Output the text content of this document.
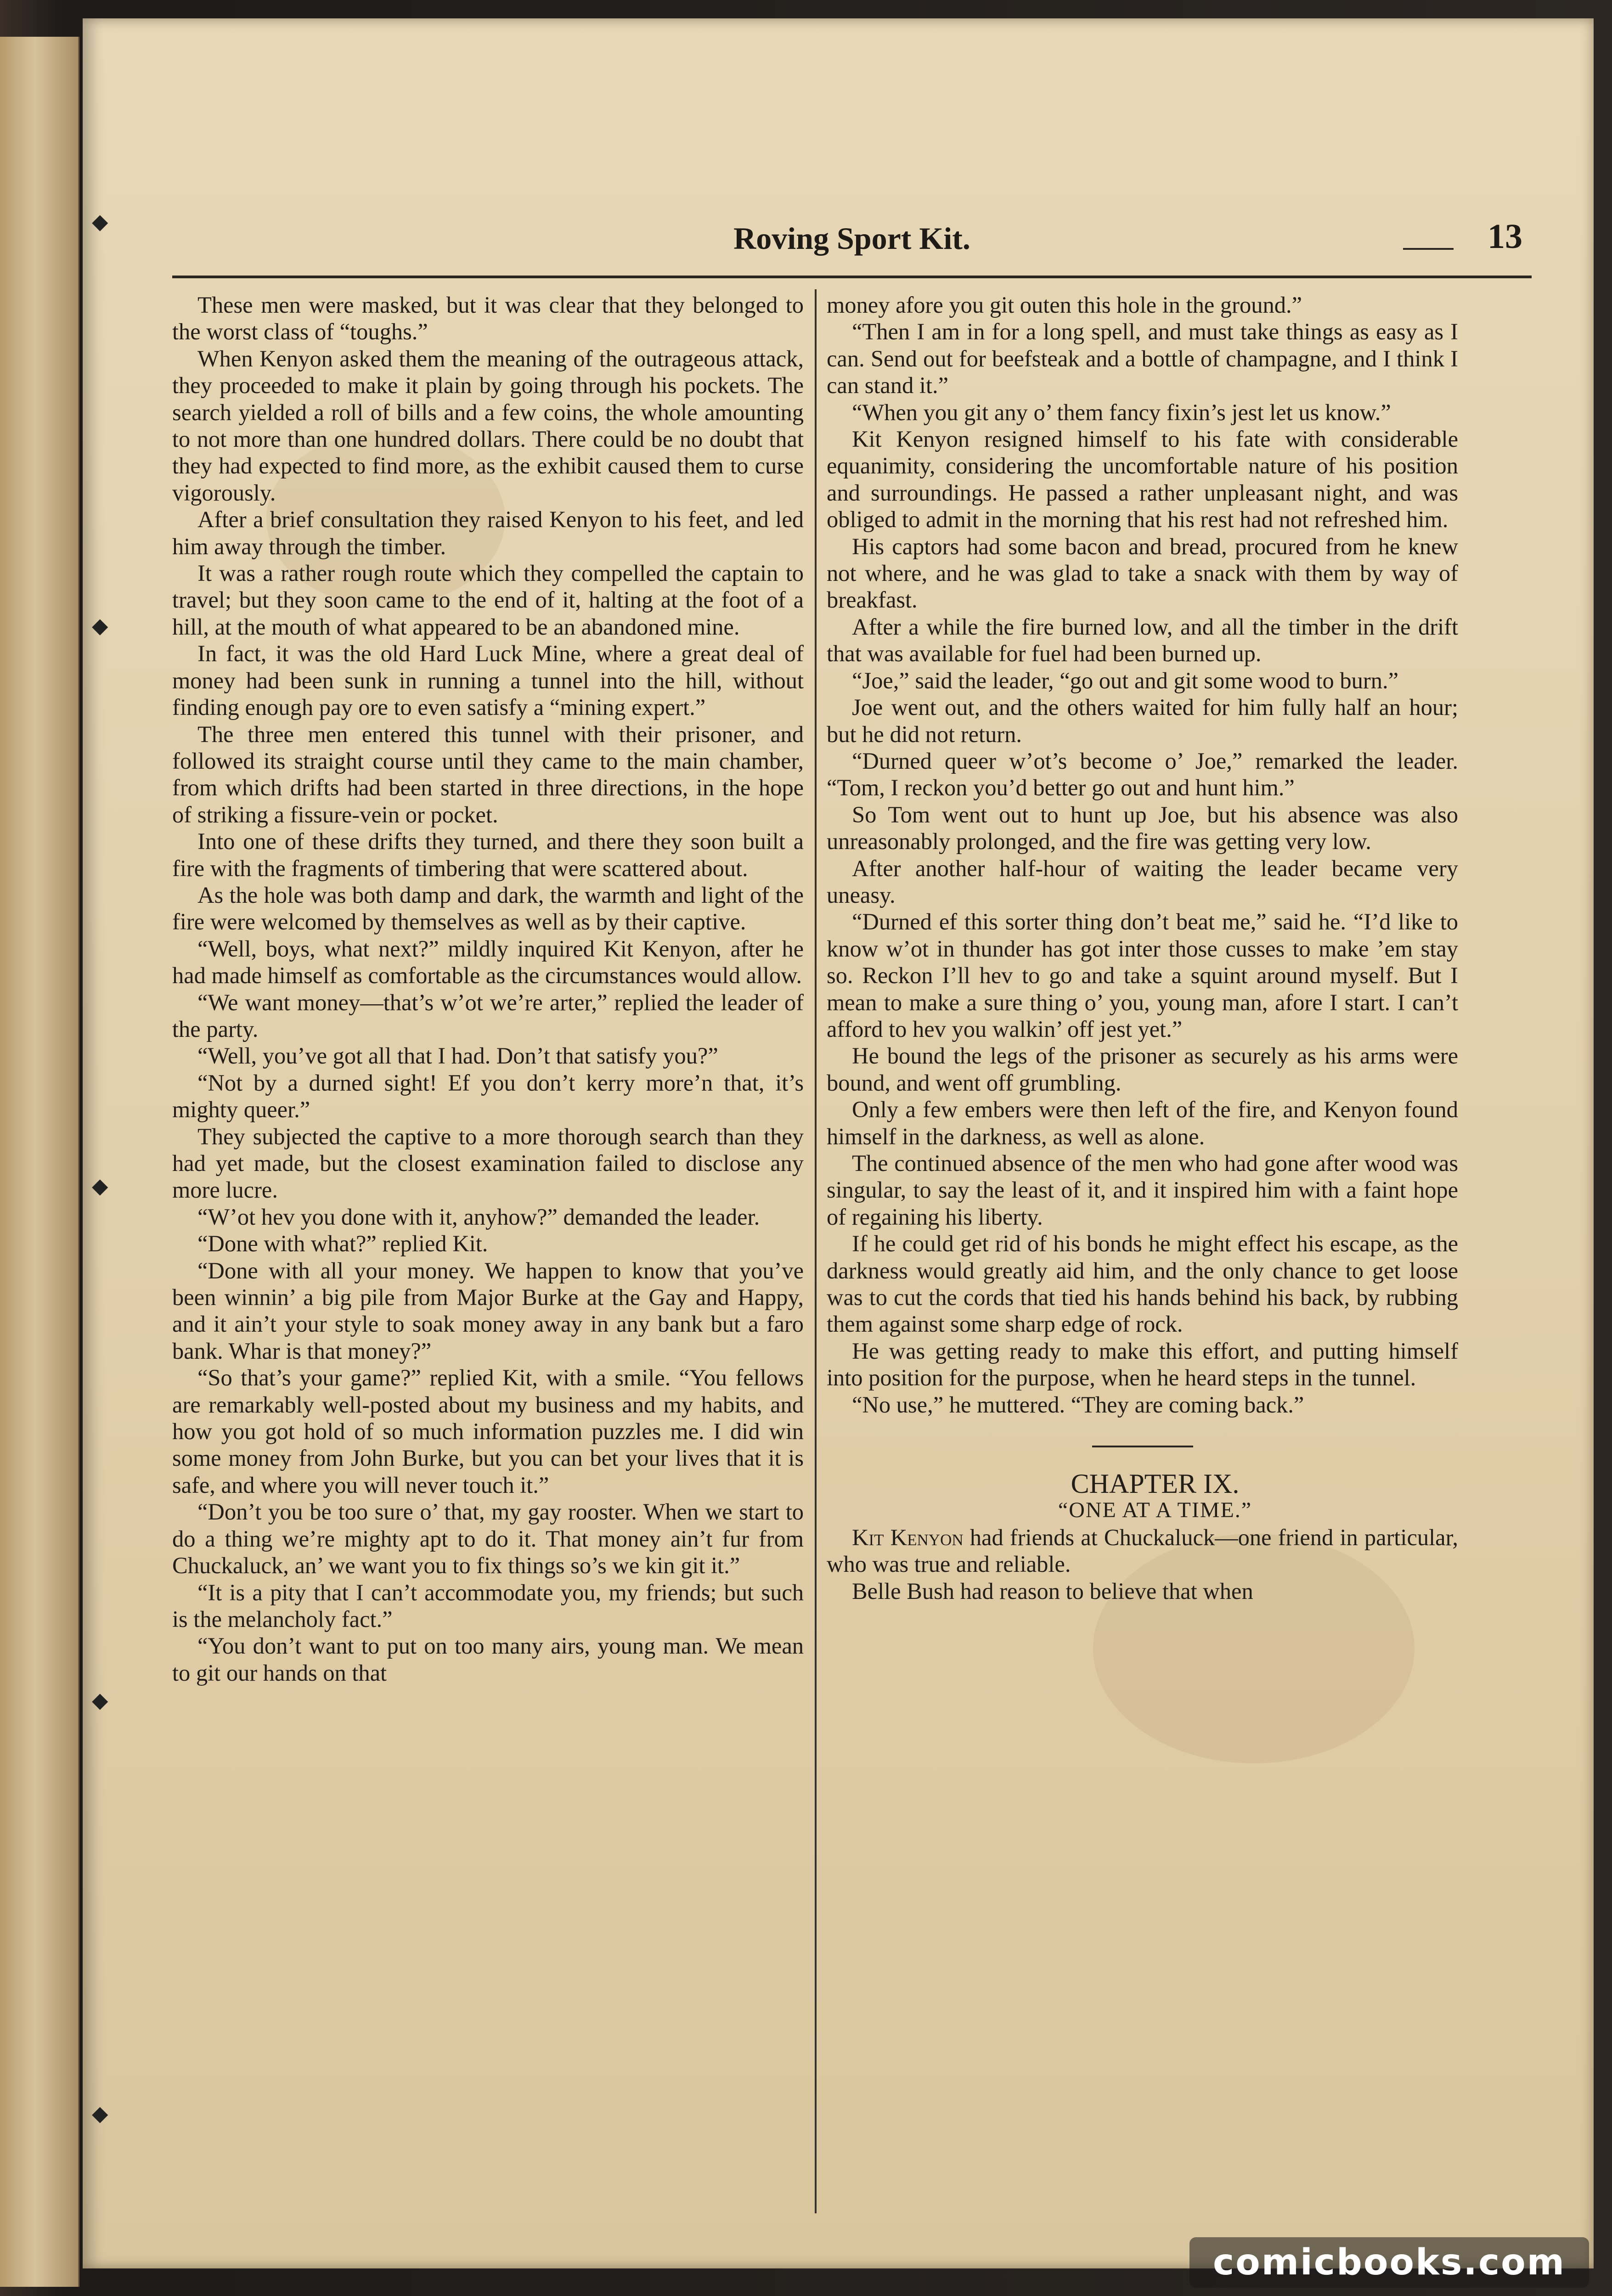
◆
◆
◆
◆
◆
Roving Sport Kit.	13

These men were masked, but it was clear that they belonged to the worst class of “toughs.”

When Kenyon asked them the meaning of the outrageous attack, they proceeded to make it plain by going through his pockets. The search yielded a roll of bills and a few coins, the whole amounting to not more than one hundred dollars. There could be no doubt that they had expected to find more, as the exhibit caused them to curse vigorously.

After a brief consultation they raised Kenyon to his feet, and led him away through the timber.

It was a rather rough route which they compelled the captain to travel; but they soon came to the end of it, halting at the foot of a hill, at the mouth of what appeared to be an abandoned mine.

In fact, it was the old Hard Luck Mine, where a great deal of money had been sunk in running a tunnel into the hill, without finding enough pay ore to even satisfy a “mining expert.”

The three men entered this tunnel with their prisoner, and followed its straight course until they came to the main chamber, from which drifts had been started in three directions, in the hope of striking a fissure-vein or pocket.

Into one of these drifts they turned, and there they soon built a fire with the fragments of timbering that were scattered about.

As the hole was both damp and dark, the warmth and light of the fire were welcomed by themselves as well as by their captive.

“Well, boys, what next?” mildly inquired Kit Kenyon, after he had made himself as comfortable as the circumstances would allow.

“We want money—that’s w’ot we’re arter,” replied the leader of the party.

“Well, you’ve got all that I had. Don’t that satisfy you?”

“Not by a durned sight! Ef you don’t kerry more’n that, it’s mighty queer.”

They subjected the captive to a more thorough search than they had yet made, but the closest examination failed to disclose any more lucre.

“W’ot hev you done with it, anyhow?” demanded the leader.

“Done with what?” replied Kit.

“Done with all your money. We happen to know that you’ve been winnin’ a big pile from Major Burke at the Gay and Happy, and it ain’t your style to soak money away in any bank but a faro bank. Whar is that money?”

“So that’s your game?” replied Kit, with a smile. “You fellows are remarkably well-posted about my business and my habits, and how you got hold of so much information puzzles me. I did win some money from John Burke, but you can bet your lives that it is safe, and where you will never touch it.”

“Don’t you be too sure o’ that, my gay rooster. When we start to do a thing we’re mighty apt to do it. That money ain’t fur from Chuckaluck, an’ we want you to fix things so’s we kin git it.”

“It is a pity that I can’t accommodate you, my friends; but such is the melancholy fact.”

“You don’t want to put on too many airs, young man. We mean to git our hands on that

money afore you git outen this hole in the ground.”

“Then I am in for a long spell, and must take things as easy as I can. Send out for beefsteak and a bottle of champagne, and I think I can stand it.”

“When you git any o’ them fancy fixin’s jest let us know.”

Kit Kenyon resigned himself to his fate with considerable equanimity, considering the uncomfortable nature of his position and surroundings. He passed a rather unpleasant night, and was obliged to admit in the morning that his rest had not refreshed him.

His captors had some bacon and bread, procured from he knew not where, and he was glad to take a snack with them by way of breakfast.

After a while the fire burned low, and all the timber in the drift that was available for fuel had been burned up.

“Joe,” said the leader, “go out and git some wood to burn.”

Joe went out, and the others waited for him fully half an hour; but he did not return.

“Durned queer w’ot’s become o’ Joe,” remarked the leader. “Tom, I reckon you’d better go out and hunt him.”

So Tom went out to hunt up Joe, but his absence was also unreasonably prolonged, and the fire was getting very low.

After another half-hour of waiting the leader became very uneasy.

“Durned ef this sorter thing don’t beat me,” said he. “I’d like to know w’ot in thunder has got inter those cusses to make ’em stay so. Reckon I’ll hev to go and take a squint around myself. But I mean to make a sure thing o’ you, young man, afore I start. I can’t afford to hev you walkin’ off jest yet.”

He bound the legs of the prisoner as securely as his arms were bound, and went off grumbling.

Only a few embers were then left of the fire, and Kenyon found himself in the darkness, as well as alone.

The continued absence of the men who had gone after wood was singular, to say the least of it, and it inspired him with a faint hope of regaining his liberty.

If he could get rid of his bonds he might effect his escape, as the darkness would greatly aid him, and the only chance to get loose was to cut the cords that tied his hands behind his back, by rubbing them against some sharp edge of rock.

He was getting ready to make this effort, and putting himself into position for the purpose, when he heard steps in the tunnel.

“No use,” he muttered. “They are coming back.”

CHAPTER IX.

“ONE AT A TIME.”

Kit Kenyon had friends at Chuckaluck—one friend in particular, who was true and reliable.

Belle Bush had reason to believe that when

comicbooks.com
